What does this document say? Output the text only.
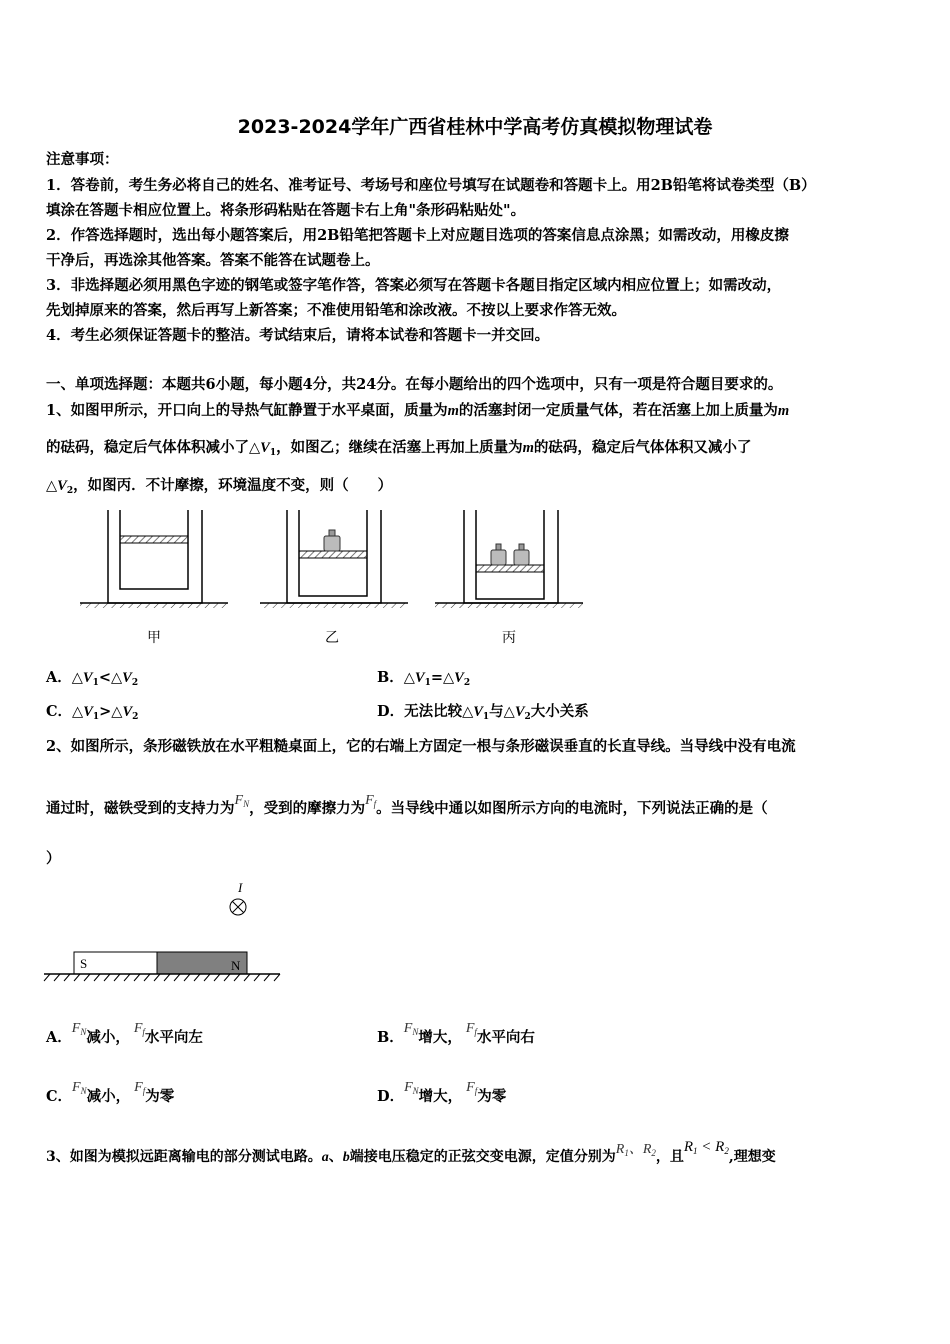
2023-2024学年广西省桂林中学高考仿真模拟物理试卷
注意事项：
1．答卷前，考生务必将自己的姓名、准考证号、考场号和座位号填写在试题卷和答题卡上。用2B铅笔将试卷类型（B）
填涂在答题卡相应位置上。将条形码粘贴在答题卡右上角"条形码粘贴处"。
2．作答选择题时，选出每小题答案后，用2B铅笔把答题卡上对应题目选项的答案信息点涂黑；如需改动，用橡皮擦
干净后，再选涂其他答案。答案不能答在试题卷上。
3．非选择题必须用黑色字迹的钢笔或签字笔作答，答案必须写在答题卡各题目指定区域内相应位置上；如需改动，
先划掉原来的答案，然后再写上新答案；不准使用铅笔和涂改液。不按以上要求作答无效。
4．考生必须保证答题卡的整洁。考试结束后，请将本试卷和答题卡一并交回。
一、单项选择题：本题共6小题，每小题4分，共24分。在每小题给出的四个选项中，只有一项是符合题目要求的。
1、如图甲所示，开口向上的导热气缸静置于水平桌面，质量为m的活塞封闭一定质量气体，若在活塞上加上质量为m
的砝码，稳定后气体体积减小了$\triangle V_1$，如图乙；继续在活塞上再加上质量为m的砝码，稳定后气体体积又减小了
$\triangle V_2$，如图丙．不计摩擦，环境温度不变，则（　　）
甲	乙	丙
A．$\triangle V_1<\triangle V_2$	B．$\triangle V_1=\triangle V_2$
C．$\triangle V_1>\triangle V_2$	D．无法比较$\triangle V_1$与$\triangle V_2$大小关系
2、如图所示，条形磁铁放在水平粗糙桌面上，它的右端上方固定一根与条形磁误垂直的长直导线。当导线中没有电流
通过时，磁铁受到的支持力为$F_N$，受到的摩擦力为$F_f$。当导线中通以如图所示方向的电流时，下列说法正确的是（
）
I
S	N
A．$F_N$减小，$F_f$水平向左	B．$F_N$增大，$F_f$水平向右
C．$F_N$减小，$F_f$为零	D．$F_N$增大，$F_f$为零
3、如图为模拟远距离输电的部分测试电路。a、b端接电压稳定的正弦交变电源，定值分别为$R_1$、$R_2$，且$R_1 < R_2$,理想变
